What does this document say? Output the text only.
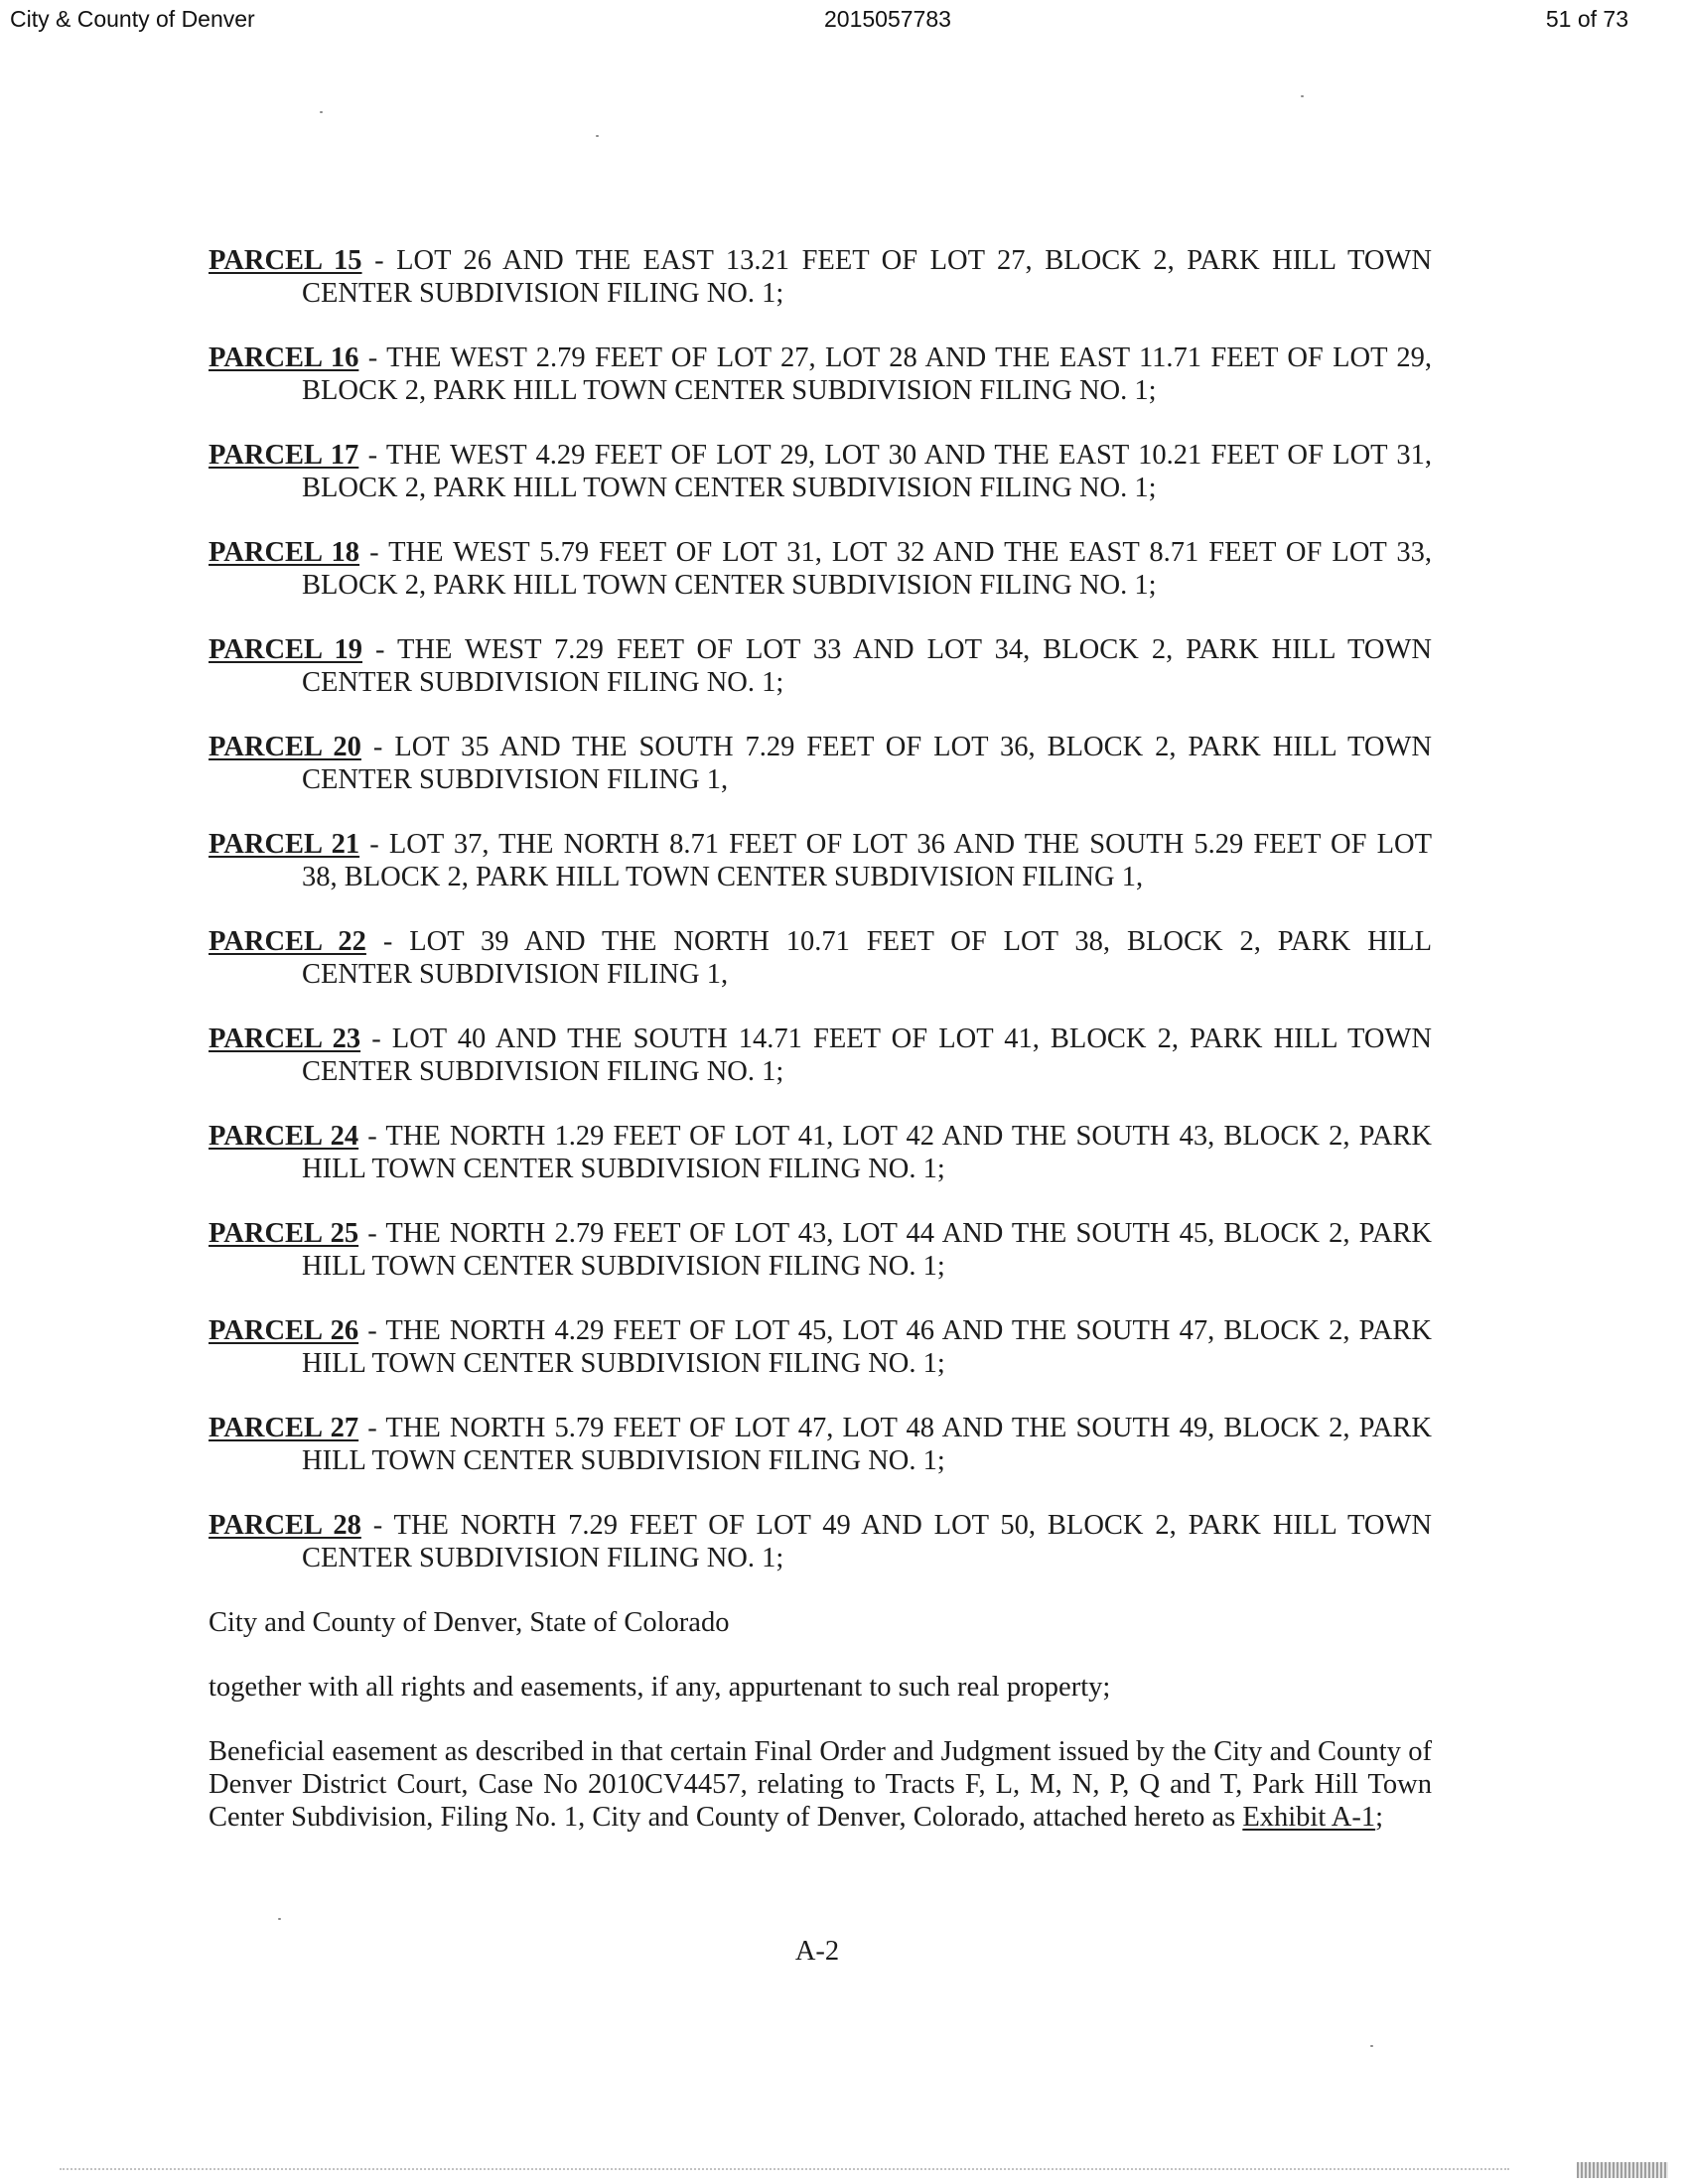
City & County of Denver	2015057783	51 of 73
PARCEL 15 - LOT 26 AND THE EAST 13.21 FEET OF LOT 27, BLOCK 2, PARK HILL TOWN
CENTER SUBDIVISION FILING NO. 1;
PARCEL 16 - THE WEST 2.79 FEET OF LOT 27, LOT 28 AND THE EAST 11.71 FEET OF LOT 29,
BLOCK 2, PARK HILL TOWN CENTER SUBDIVISION FILING NO. 1;
PARCEL 17 - THE WEST 4.29 FEET OF LOT 29, LOT 30 AND THE EAST 10.21 FEET OF LOT 31,
BLOCK 2, PARK HILL TOWN CENTER SUBDIVISION FILING NO. 1;
PARCEL 18 - THE WEST 5.79 FEET OF LOT 31, LOT 32 AND THE EAST 8.71 FEET OF LOT 33,
BLOCK 2, PARK HILL TOWN CENTER SUBDIVISION FILING NO. 1;
PARCEL 19 - THE WEST 7.29 FEET OF LOT 33 AND LOT 34, BLOCK 2, PARK HILL TOWN
CENTER SUBDIVISION FILING NO. 1;
PARCEL 20 - LOT 35 AND THE SOUTH 7.29 FEET OF LOT 36, BLOCK 2, PARK HILL TOWN
CENTER SUBDIVISION FILING 1,
PARCEL 21 - LOT 37, THE NORTH 8.71 FEET OF LOT 36 AND THE SOUTH 5.29 FEET OF LOT
38, BLOCK 2, PARK HILL TOWN CENTER SUBDIVISION FILING 1,
PARCEL 22 - LOT 39 AND THE NORTH 10.71 FEET OF LOT 38, BLOCK 2, PARK HILL
CENTER SUBDIVISION FILING 1,
PARCEL 23 - LOT 40 AND THE SOUTH 14.71 FEET OF LOT 41, BLOCK 2, PARK HILL TOWN
CENTER SUBDIVISION FILING NO. 1;
PARCEL 24 - THE NORTH 1.29 FEET OF LOT 41, LOT 42 AND THE SOUTH 43, BLOCK 2, PARK
HILL TOWN CENTER SUBDIVISION FILING NO. 1;
PARCEL 25 - THE NORTH 2.79 FEET OF LOT 43, LOT 44 AND THE SOUTH 45, BLOCK 2, PARK
HILL TOWN CENTER SUBDIVISION FILING NO. 1;
PARCEL 26 - THE NORTH 4.29 FEET OF LOT 45, LOT 46 AND THE SOUTH 47, BLOCK 2, PARK
HILL TOWN CENTER SUBDIVISION FILING NO. 1;
PARCEL 27 - THE NORTH 5.79 FEET OF LOT 47, LOT 48 AND THE SOUTH 49, BLOCK 2, PARK
HILL TOWN CENTER SUBDIVISION FILING NO. 1;
PARCEL 28 - THE NORTH 7.29 FEET OF LOT 49 AND LOT 50, BLOCK 2, PARK HILL TOWN
CENTER SUBDIVISION FILING NO. 1;

City and County of Denver, State of Colorado

together with all rights and easements, if any, appurtenant to such real property;

Beneficial easement as described in that certain Final Order and Judgment issued by the City and County of Denver District Court, Case No 2010CV4457, relating to Tracts F, L, M, N, P, Q and T, Park Hill Town Center Subdivision, Filing No. 1, City and County of Denver, Colorado, attached hereto as Exhibit A-1;

A-2
